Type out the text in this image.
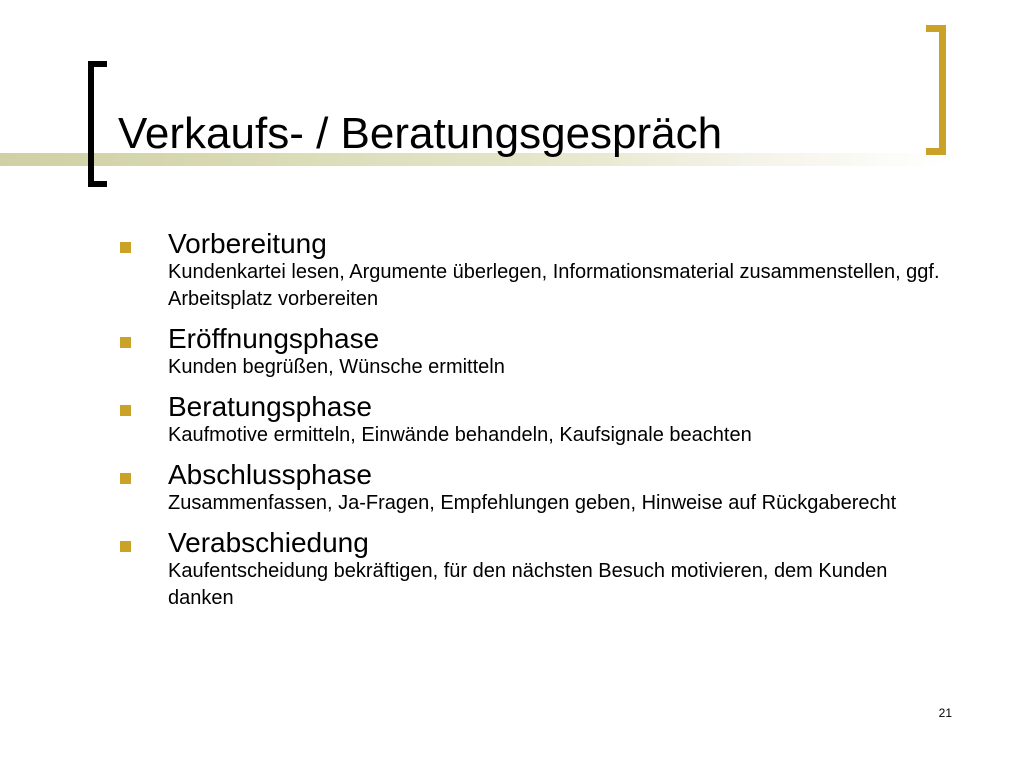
Verkaufs- / Beratungsgespräch
Vorbereitung
Kundenkartei lesen, Argumente überlegen, Informationsmaterial zusammenstellen, ggf. Arbeitsplatz vorbereiten
Eröffnungsphase
Kunden begrüßen, Wünsche ermitteln
Beratungsphase
Kaufmotive ermitteln, Einwände behandeln, Kaufsignale beachten
Abschlussphase
Zusammenfassen, Ja-Fragen, Empfehlungen geben, Hinweise auf Rückgaberecht
Verabschiedung
Kaufentscheidung bekräftigen, für den nächsten Besuch motivieren, dem Kunden danken
21
